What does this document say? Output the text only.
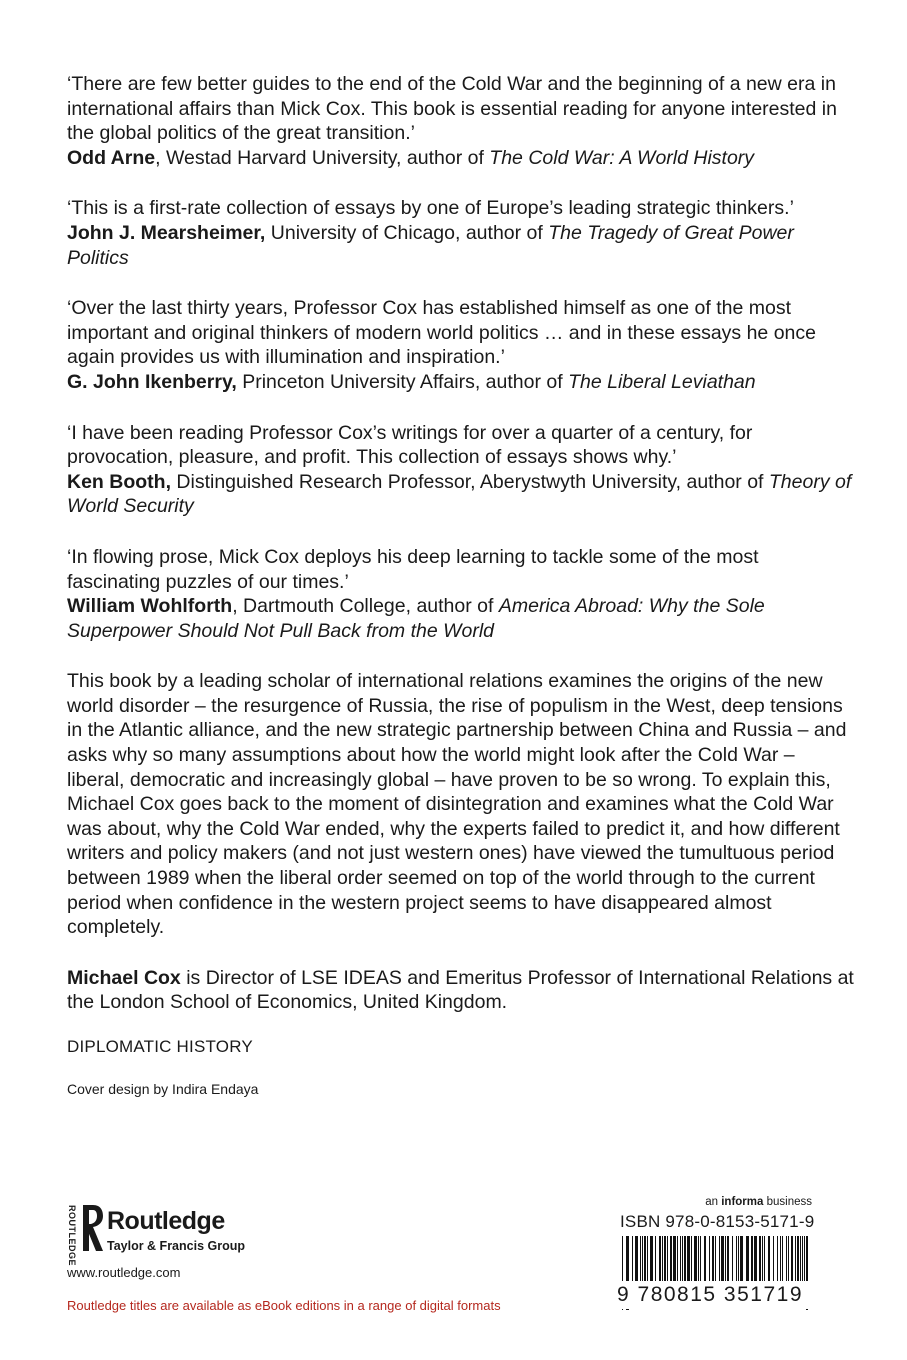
‘There are few better guides to the end of the Cold War and the beginning of a new era in international affairs than Mick Cox. This book is essential reading for anyone interested in the global politics of the great transition.’
Odd Arne, Westad Harvard University, author of The Cold War: A World History
‘This is a first-rate collection of essays by one of Europe’s leading strategic thinkers.’
John J. Mearsheimer, University of Chicago, author of The Tragedy of Great Power Politics
‘Over the last thirty years, Professor Cox has established himself as one of the most important and original thinkers of modern world politics … and in these essays he once again provides us with illumination and inspiration.’
G. John Ikenberry, Princeton University Affairs, author of The Liberal Leviathan
‘I have been reading Professor Cox’s writings for over a quarter of a century, for provocation, pleasure, and profit. This collection of essays shows why.’
Ken Booth, Distinguished Research Professor, Aberystwyth University, author of Theory of World Security
‘In flowing prose, Mick Cox deploys his deep learning to tackle some of the most fascinating puzzles of our times.’
William Wohlforth, Dartmouth College, author of America Abroad: Why the Sole Superpower Should Not Pull Back from the World

This book by a leading scholar of international relations examines the origins of the new world disorder – the resurgence of Russia, the rise of populism in the West, deep tensions in the Atlantic alliance, and the new strategic partnership between China and Russia – and asks why so many assumptions about how the world might look after the Cold War – liberal, democratic and increasingly global – have proven to be so wrong. To explain this, Michael Cox goes back to the moment of disintegration and examines what the Cold War was about, why the Cold War ended, why the experts failed to predict it, and how different writers and policy makers (and not just western ones) have viewed the tumultuous period between 1989 when the liberal order seemed on top of the world through to the current period when confidence in the western project seems to have disappeared almost completely.

Michael Cox is Director of LSE IDEAS and Emeritus Professor of International Relations at the London School of Economics, United Kingdom.

DIPLOMATIC HISTORY
Cover design by Indira Endaya
ROUTLEDGE Routledge
Taylor & Francis Group
www.routledge.com
Routledge titles are available as eBook editions in a range of digital formats
an informa business
ISBN 978-0-8153-5171-9
9 780815 351719
